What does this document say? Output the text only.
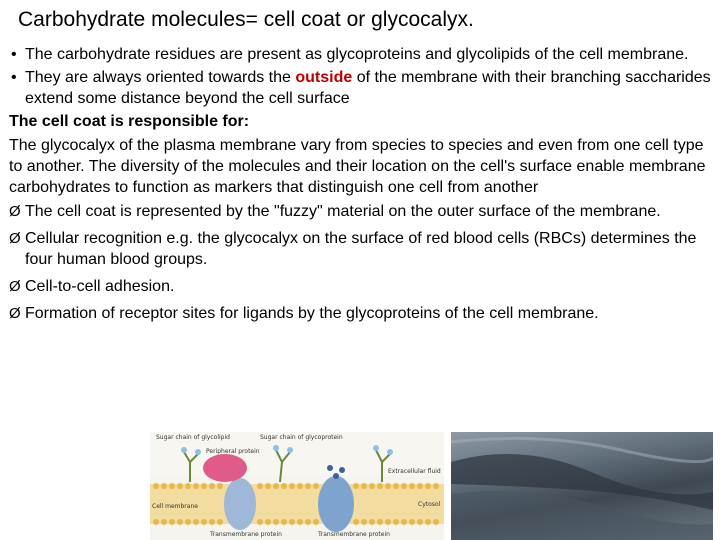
Carbohydrate molecules= cell coat or glycocalyx.
• The carbohydrate residues are present as glycoproteins and glycolipids of the cell membrane.
• They are always oriented towards the outside of the membrane with their branching saccharides extend some distance beyond the cell surface
The cell coat is responsible for:
The glycocalyx of the plasma membrane vary from species to species and even from one cell type to another. The diversity of the molecules and their location on the cell's surface enable membrane carbohydrates to function as markers that distinguish one cell from another
Ø The cell coat is represented by the "fuzzy" material on the outer surface of the membrane.
Ø Cellular recognition e.g. the glycocalyx on the surface of red blood cells (RBCs) determines the four human blood groups.
Ø Cell-to-cell adhesion.
Ø Formation of receptor sites for ligands by the glycoproteins of the cell membrane.
Sugar chain of glycolipid	Sugar chain of glycoprotein
Peripheral protein
Extracellular fluid
Cell membrane	Cytosol
Transmembrane protein	Transmembrane protein
